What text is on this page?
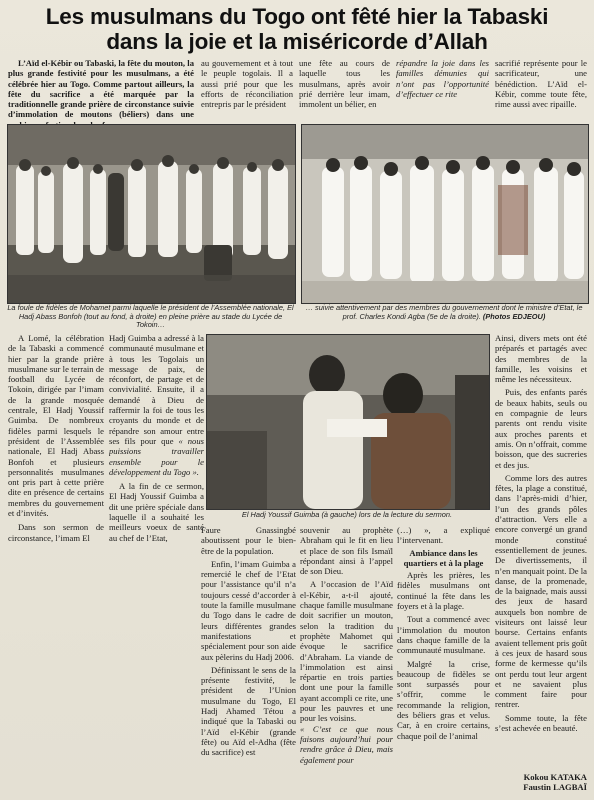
Les musulmans du Togo ont fêté hier la Tabaski
dans la joie et la miséricorde d’Allah

L’Aïd el-Kébir ou Tabaski, la fête du mouton, la plus grande festivité pour les musulmans, a été célébrée hier au Togo. Comme partout ailleurs, la fête du sacrifice a été marquée par la traditionnelle grande prière de circonstance suivie d’immolation de moutons (béliers) dans une

au gouvernement et à tout le peuple togolais. Il a aussi prié pour que les efforts de réconciliation entrepris par le président

une fête au cours de laquelle tous les musulmans, après avoir prié derrière leur imam, immolent un bélier, en

répandre la joie dans les familles démunies qui n’ont pas l’opportunité d’effectuer ce rite

sacrifié représente pour le sacrificateur, une bénédiction. L’Aïd el-Kébir, comme toute fête, rime aussi avec ripaille.

La foule de fidèles de Mohamet parmi laquelle le président de l’Assemblée nationale, El Hadj Abass Bonfoh (tout au fond, à droite) en pleine prière au stade du Lycée de Tokoin…
… suivie attentivement par des membres du gouvernement dont le ministre d’Etat, le prof. Charles Kondi Agba (5e de la droite). (Photos EDJEOU)

A Lomé, la célébration de la Tabaski a commencé hier par la grande prière musulmane sur le terrain de football du Lycée de Tokoin, dirigée par l’imam de la grande mosquée centrale, El Hadj Youssif Guimba. De nombreux fidèles parmi lesquels le président de l’Assemblée nationale, El Hadj Abass Bonfoh et plusieurs personnalités musulmanes ont pris part à cette prière dite en présence de certains membres du gouvernement et d’invités.

Dans son sermon de circonstance, l’imam El

Hadj Guimba a adressé à la communauté musulmane et à tous les Togolais un message de paix, de réconfort, de partage et de convivialité. Ensuite, il a demandé à Dieu de raffermir la foi de tous les croyants du monde et de répandre son amour entre ses fils pour que « nous puissions travailler ensemble pour le développement du Togo ».

A la fin de ce sermon, El Hadj Youssif Guimba a dit une prière spéciale dans laquelle il a souhaité les meilleurs voeux de santé au chef de l’Etat,

El Hadj Youssif Guimba (à gauche) lors de la lecture du sermon.

Ainsi, divers mets ont été préparés et partagés avec des membres de la famille, les voisins et même les nécessiteux.

Puis, des enfants parés de beaux habits, seuls ou en compagnie de leurs parents ont rendu visite aux proches parents et amis. On n’offrait, comme boisson, que des sucreries et des jus.

Comme lors des autres fêtes, la plage a constitué, dans l’après-midi d’hier, l’un des grands pôles d’attraction. Vers elle a encore convergé un grand monde constitué essentiellement de jeunes. De divertissements, il n’en manquait point. De la danse, de la promenade, de la baignade, mais aussi des jeux de hasard auxquels bon nombre de visiteurs ont laissé leur bourse. Certains enfants avaient tellement pris goût à ces jeux de hasard sous forme de kermesse qu’ils ont perdu tout leur argent et ne savaient plus comment faire pour rentrer.

Somme toute, la fête s’est achevée en beauté.

Faure Gnassingbé aboutissent pour le bien-être de la population.

Enfin, l’imam Guimba a remercié le chef de l’Etat pour l’assistance qu’il n’a toujours cessé d’accorder à toute la famille musulmane du Togo dans le cadre de leurs différentes grandes manifestations et spécialement pour son aide aux pèlerins du Hadj 2006.

Définissant le sens de la présente festivité, le président de l’Union musulmane du Togo, El Hadj Ahamed Tétou a indiqué que la Tabaski ou l’Aïd el-Kébir (grande fête) ou Aïd el-Adha (fête du sacrifice) est

souvenir au prophète Abraham qui le fit en lieu et place de son fils Ismaïl répondant ainsi à l’appel de son Dieu.

A l’occasion de l’Aïd el-Kébir, a-t-il ajouté, chaque famille musulmane doit sacrifier un mouton, selon la tradition du prophète Mahomet qui évoque le sacrifice d’Abraham. La viande de l’immolation est ainsi répartie en trois parties dont une pour la famille ayant accompli ce rite, une pour les pauvres et une pour les voisins.

« C’est ce que nous faisons aujourd’hui pour rendre grâce à Dieu, mais également pour

(…) », a expliqué l’intervenant.

Ambiance dans les quartiers et à la plage

Après les prières, les fidèles musulmans ont continué la fête dans les foyers et à la plage.

Tout a commencé avec l’immolation du mouton dans chaque famille de la communauté musulmane.

Malgré la crise, beaucoup de fidèles se sont surpassés pour s’offrir, comme le recommande la religion, des béliers gras et velus. Car, à en croire certains, chaque poil de l’animal

Kokou KATAKA
Faustin LAGBAÏ
